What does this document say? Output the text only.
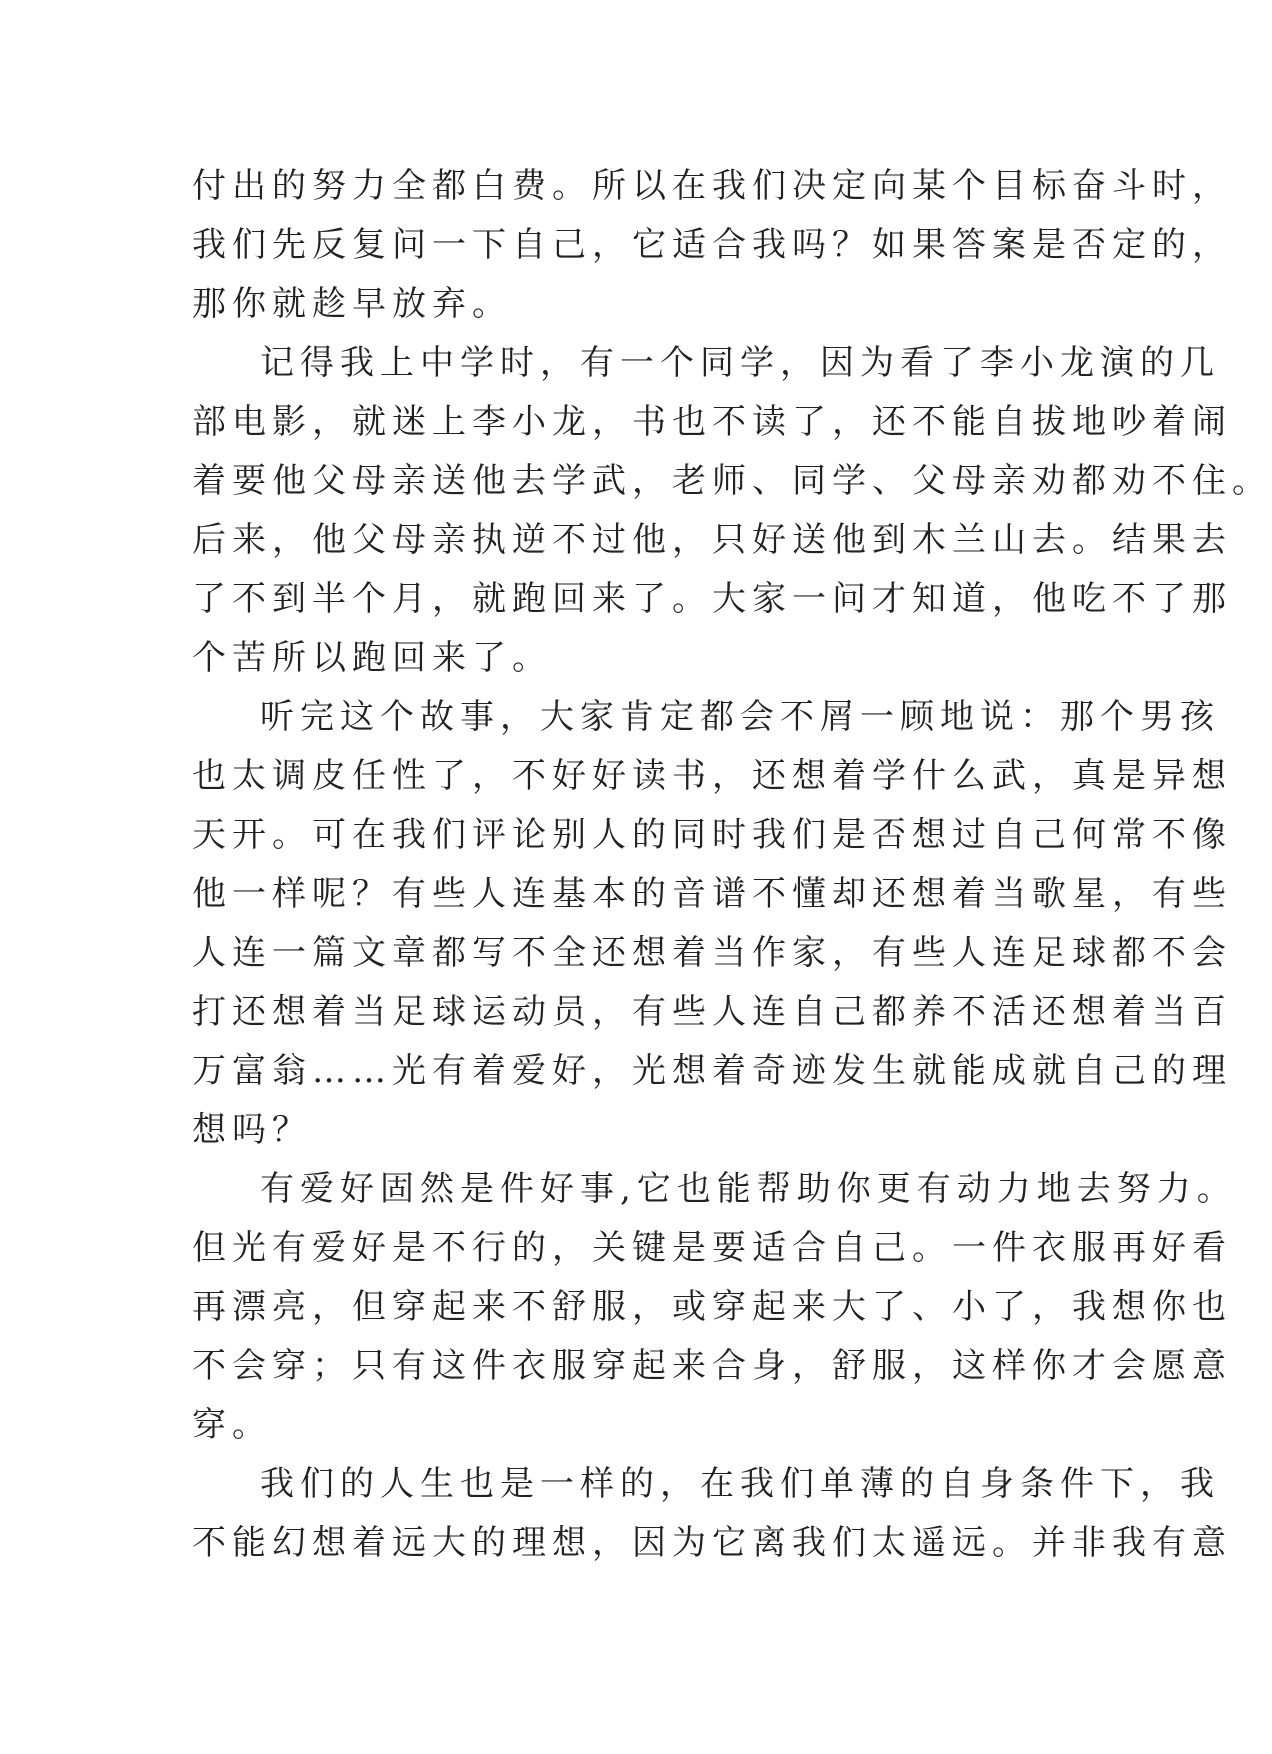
付出的努力全都白费。所以在我们决定向某个目标奋斗时，
我们先反复问一下自己，它适合我吗？如果答案是否定的，
那你就趁早放弃。
记得我上中学时，有一个同学，因为看了李小龙演的几
部电影，就迷上李小龙，书也不读了，还不能自拔地吵着闹
着要他父母亲送他去学武，老师、同学、父母亲劝都劝不住。
后来，他父母亲执逆不过他，只好送他到木兰山去。结果去
了不到半个月，就跑回来了。大家一问才知道，他吃不了那
个苦所以跑回来了。
听完这个故事，大家肯定都会不屑一顾地说：那个男孩
也太调皮任性了，不好好读书，还想着学什么武，真是异想
天开。可在我们评论别人的同时我们是否想过自己何常不像
他一样呢？有些人连基本的音谱不懂却还想着当歌星，有些
人连一篇文章都写不全还想着当作家，有些人连足球都不会
打还想着当足球运动员，有些人连自己都养不活还想着当百
万富翁……光有着爱好，光想着奇迹发生就能成就自己的理
想吗？
有爱好固然是件好事,它也能帮助你更有动力地去努力。
但光有爱好是不行的，关键是要适合自己。一件衣服再好看
再漂亮，但穿起来不舒服，或穿起来大了、小了，我想你也
不会穿；只有这件衣服穿起来合身，舒服，这样你才会愿意
穿。
我们的人生也是一样的，在我们单薄的自身条件下，我
不能幻想着远大的理想，因为它离我们太遥远。并非我有意
